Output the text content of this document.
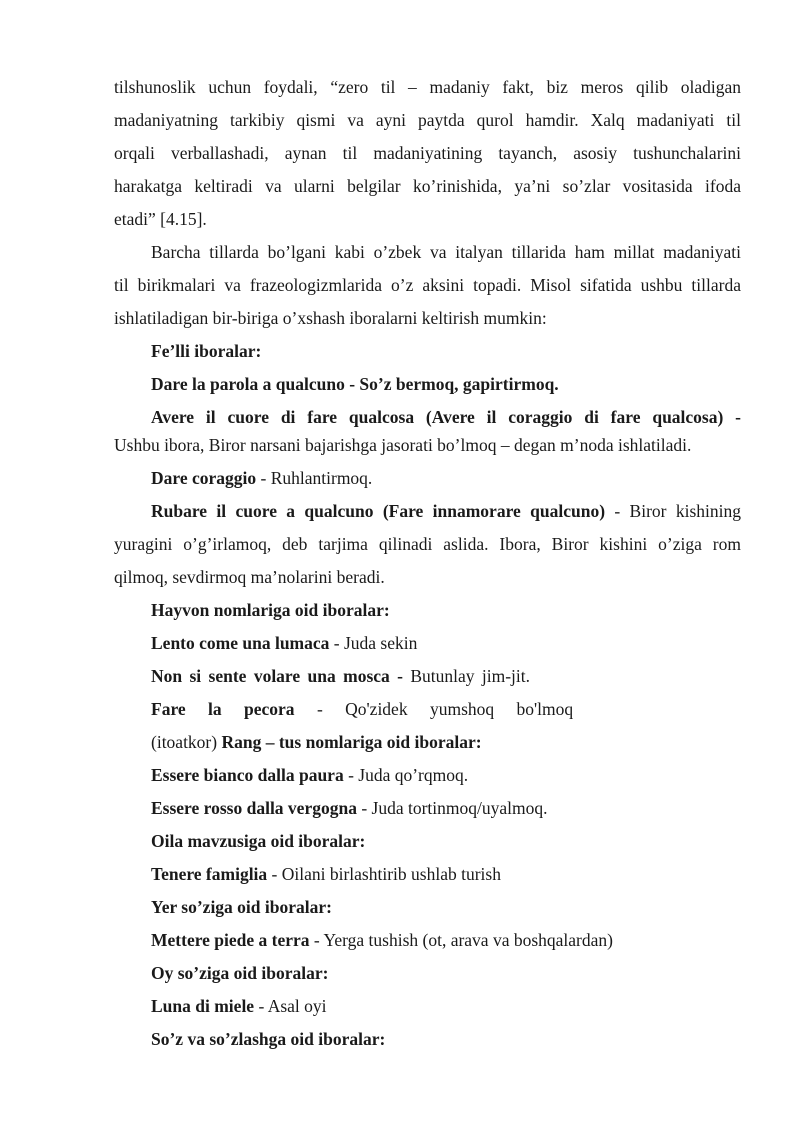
tilshunoslik uchun foydali, “zero til – madaniy fakt, biz meros qilib oladigan
madaniyatning tarkibiy qismi va ayni paytda qurol hamdir. Xalq madaniyati til
orqali verballashadi, aynan til madaniyatining tayanch, asosiy tushunchalarini
harakatga keltiradi va ularni belgilar ko’rinishida, ya’ni so’zlar vositasida ifoda
etadi” [4.15].
Barcha tillarda bo’lgani kabi o’zbek va italyan tillarida ham millat madaniyati
til birikmalari va frazeologizmlarida o’z aksini topadi. Misol sifatida ushbu tillarda
ishlatiladigan bir-biriga o’xshash iboralarni keltirish mumkin:
Fe’lli iboralar:
Dare la parola a qualcuno - So’z bermoq, gapirtirmoq.
Avere il cuore di fare qualcosa (Avere il coraggio di fare qualcosa) -
Ushbu ibora, Biror narsani bajarishga jasorati bo’lmoq – degan m’noda ishlatiladi.
Dare coraggio - Ruhlantirmoq.
Rubare il cuore a qualcuno (Fare innamorare qualcuno) - Biror kishining
yuragini o’g’irlamoq, deb tarjima qilinadi aslida. Ibora, Biror kishini o’ziga rom
qilmoq, sevdirmoq ma’nolarini beradi.
Hayvon nomlariga oid iboralar:
Lento come una lumaca - Juda sekin
Non si sente volare una mosca - Butunlay jim-jit.
Fare la pecora - Qo'zidek yumshoq bo'lmoq
(itoatkor) Rang – tus nomlariga oid iboralar:
Essere bianco dalla paura - Juda qo’rqmoq.
Essere rosso dalla vergogna - Juda tortinmoq/uyalmoq.
Oila mavzusiga oid iboralar:
Tenere famiglia - Oilani birlashtirib ushlab turish
Yer so’ziga oid iboralar:
Mettere piede a terra - Yerga tushish (ot, arava va boshqalardan)
Oy so’ziga oid iboralar:
Luna di miele - Asal oyi
So’z va so’zlashga oid iboralar:
